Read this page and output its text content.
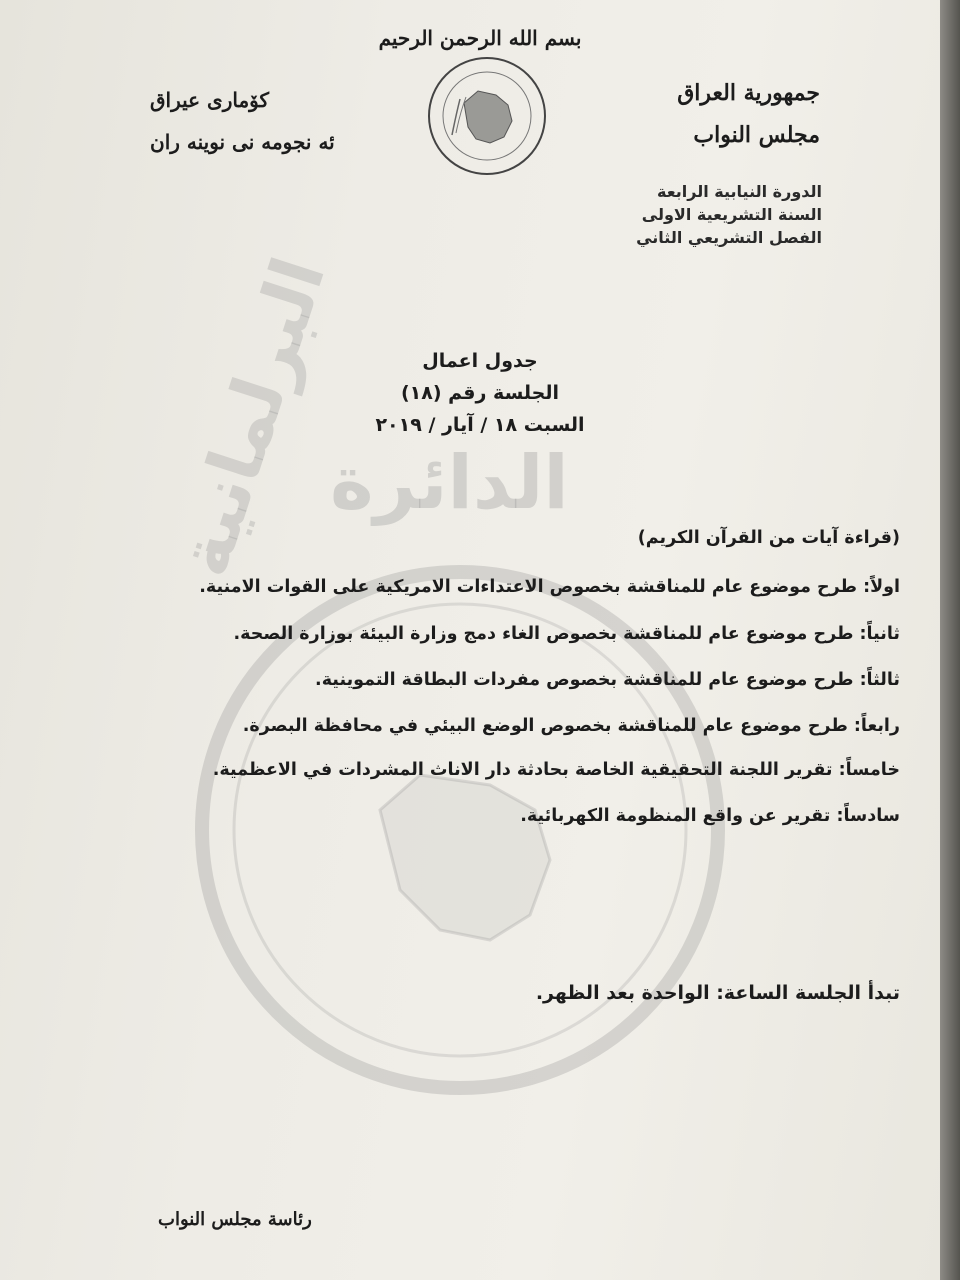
الدائرة
البرلمانية
بسم الله الرحمن الرحيم
جمهورية العراق
مجلس النواب
كۆمارى عيراق
ئه نجومه نى نوينه ران
الدورة النيابية الرابعة
السنة التشريعية الاولى
الفصل التشريعي الثاني
جدول اعمال
الجلسة رقم (١٨)
السبت ١٨ / آيار / ٢٠١٩
(قراءة آيات من القرآن الكريم)
اولاً: طرح موضوع عام للمناقشة بخصوص الاعتداءات الامريكية على القوات الامنية.
ثانياً: طرح موضوع عام للمناقشة بخصوص الغاء دمج وزارة البيئة بوزارة الصحة.
ثالثاً: طرح موضوع عام للمناقشة بخصوص مفردات البطاقة التموينية.
رابعاً: طرح موضوع عام للمناقشة بخصوص الوضع البيئي في محافظة البصرة.
خامساً: تقرير اللجنة التحقيقية الخاصة بحادثة دار الاناث المشردات في الاعظمية.
سادساً: تقرير عن واقع المنظومة الكهربائية.
تبدأ الجلسة الساعة: الواحدة بعد الظهر.
رئاسة مجلس النواب
